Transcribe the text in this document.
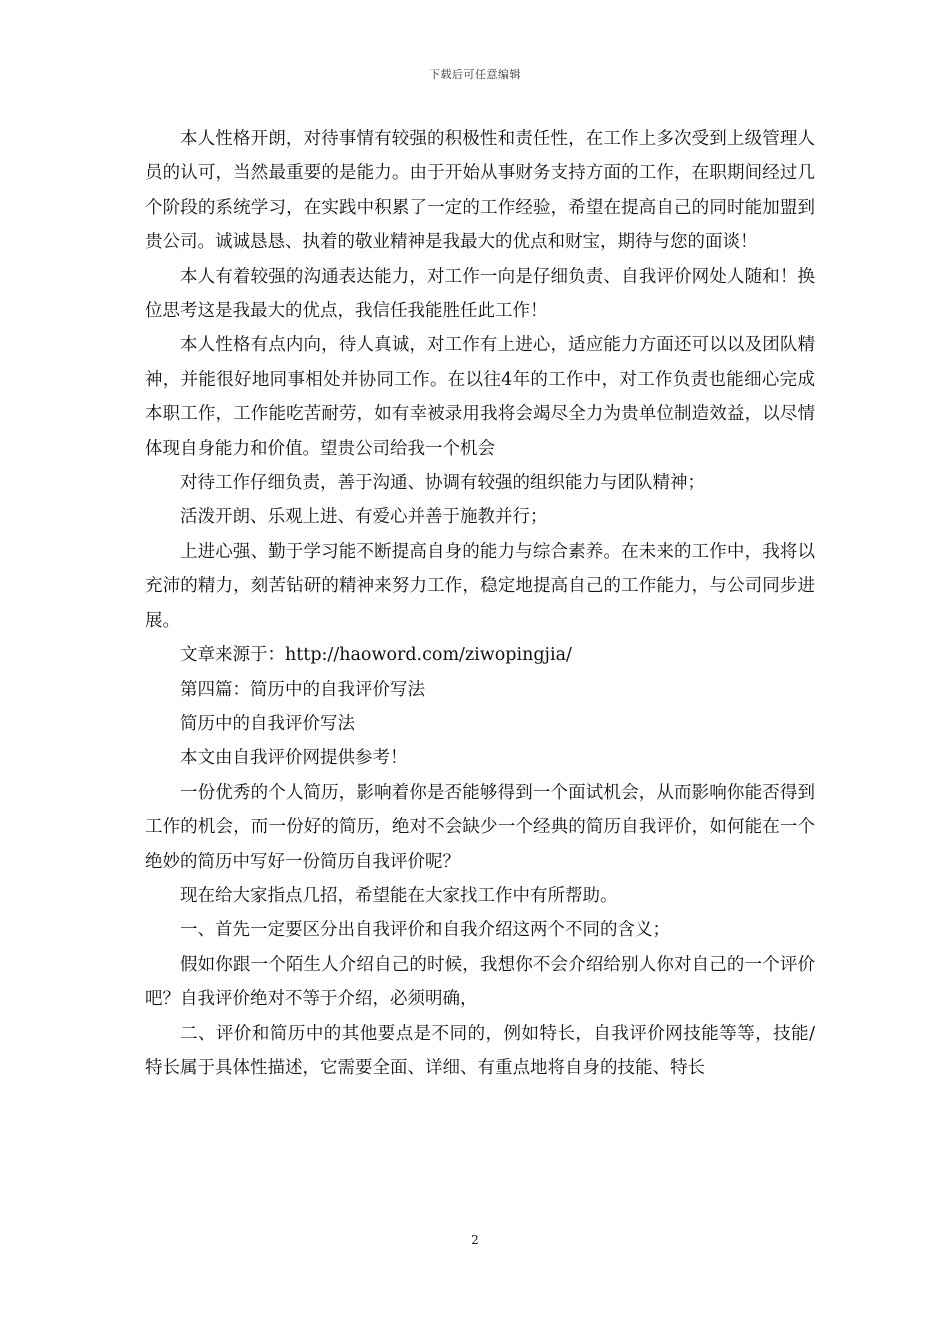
下载后可任意编辑

本人性格开朗，对待事情有较强的积极性和责任性，在工作上多次受到上级管理人员的认可，当然最重要的是能力。由于开始从事财务支持方面的工作，在职期间经过几个阶段的系统学习，在实践中积累了一定的工作经验，希望在提高自己的同时能加盟到贵公司。诚诚恳恳、执着的敬业精神是我最大的优点和财宝，期待与您的面谈！

本人有着较强的沟通表达能力，对工作一向是仔细负责、自我评价网处人随和！换位思考这是我最大的优点，我信任我能胜任此工作！

本人性格有点内向，待人真诚，对工作有上进心，适应能力方面还可以以及团队精神，并能很好地同事相处并协同工作。在以往4年的工作中，对工作负责也能细心完成本职工作，工作能吃苦耐劳，如有幸被录用我将会竭尽全力为贵单位制造效益，以尽情体现自身能力和价值。望贵公司给我一个机会

对待工作仔细负责，善于沟通、协调有较强的组织能力与团队精神；

活泼开朗、乐观上进、有爱心并善于施教并行；

上进心强、勤于学习能不断提高自身的能力与综合素养。在未来的工作中，我将以充沛的精力，刻苦钻研的精神来努力工作，稳定地提高自己的工作能力，与公司同步进展。

文章来源于：http://haoword.com/ziwopingjia/

第四篇：简历中的自我评价写法

简历中的自我评价写法

本文由自我评价网提供参考！

一份优秀的个人简历，影响着你是否能够得到一个面试机会，从而影响你能否得到工作的机会，而一份好的简历，绝对不会缺少一个经典的简历自我评价，如何能在一个绝妙的简历中写好一份简历自我评价呢？

现在给大家指点几招，希望能在大家找工作中有所帮助。

一、首先一定要区分出自我评价和自我介绍这两个不同的含义；

假如你跟一个陌生人介绍自己的时候，我想你不会介绍给别人你对自己的一个评价吧？自我评价绝对不等于介绍，必须明确，

二、评价和简历中的其他要点是不同的，例如特长，自我评价网技能等等，技能/特长属于具体性描述，它需要全面、详细、有重点地将自身的技能、特长

2
